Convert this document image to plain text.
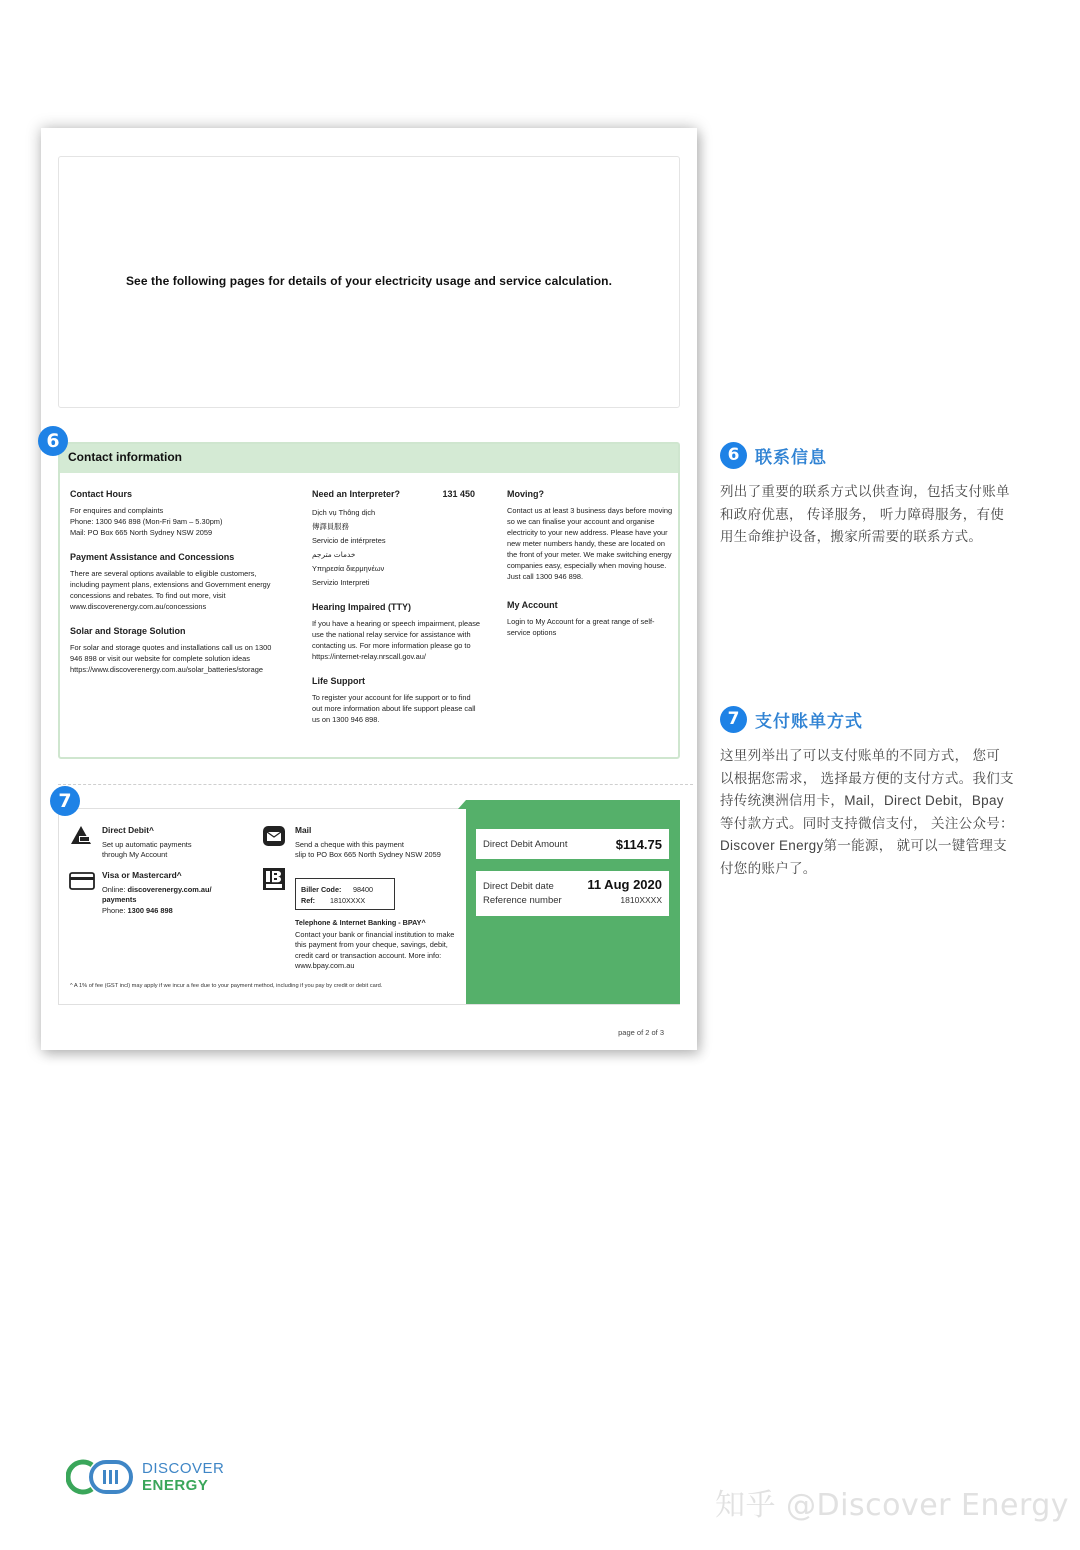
See the following pages for details of your electricity usage and service calculation.
6
Contact information
Contact Hours

For enquires and complaints
Phone: 1300 946 898 (Mon-Fri 9am – 5.30pm)
Mail: PO Box 665 North Sydney NSW 2059

Payment Assistance and Concessions

There are several options available to eligible customers, including payment plans, extensions and Government energy concessions and rebates. To find out more, visit www.discoverenergy.com.au/concessions

Solar and Storage Solution

For solar and storage quotes and installations call us on 1300 946 898 or visit our website for complete solution ideas
https://www.discoverenergy.com.au/solar_batteries/storage

Need an Interpreter?	131 450
Dịch vụ Thông dịch
傳譯員服務
Servicio de intérpretes
خدمات مترجم
Υπηρεσία διερμηνέων
Servizio Interpreti
Hearing Impaired (TTY)

If you have a hearing or speech impairment, please use the national relay service for assistance with contacting us. For more information please go to https://internet-relay.nrscall.gov.au/

Life Support

To register your account for life support or to find out more information about life support please call us on 1300 946 898.

Moving?

Contact us at least 3 business days before moving so we can finalise your account and organise electricity to your new address. Please have your new meter numbers handy, these are located on the front of your meter. We make switching energy companies easy, especially when moving house.
Just call 1300 946 898.

My Account

Login to My Account for a great range of self-service options

7
Direct Debit^

Set up automatic payments
through My Account

Visa or Mastercard^

Online: discoverenergy.com.au/

payments

Phone: 1300 946 898

Mail

Send a cheque with this payment
slip to PO Box 665 North Sydney NSW 2059

Biller Code: 98400
Ref: 1810XXXX
Telephone & Internet Banking - BPAY^

Contact your bank or financial institution to make this payment from your cheque, savings, debit, credit card or transaction account. More info: www.bpay.com.au

^ A 1% of fee (GST incl) may apply if we incur a fee due to your payment method, including if you pay by credit or debit card.
Direct Debit Amount	$114.75
Direct Debit date	11 Aug 2020
Reference number	1810XXXX
page of 2 of 3
6 联系信息
列出了重要的联系方式以供查询，包括支付账单
和政府优惠， 传译服务， 听力障碍服务，有使
用生命维护设备，搬家所需要的联系方式。
7 支付账单方式
这里列举出了可以支付账单的不同方式， 您可
以根据您需求， 选择最方便的支付方式。我们支
持传统澳洲信用卡，Mail，Direct Debit，Bpay
等付款方式。同时支持微信支付， 关注公众号：
Discover Energy第一能源， 就可以一键管理支
付您的账户了。
DISCOVER
ENERGY
知乎 @Discover Energy
